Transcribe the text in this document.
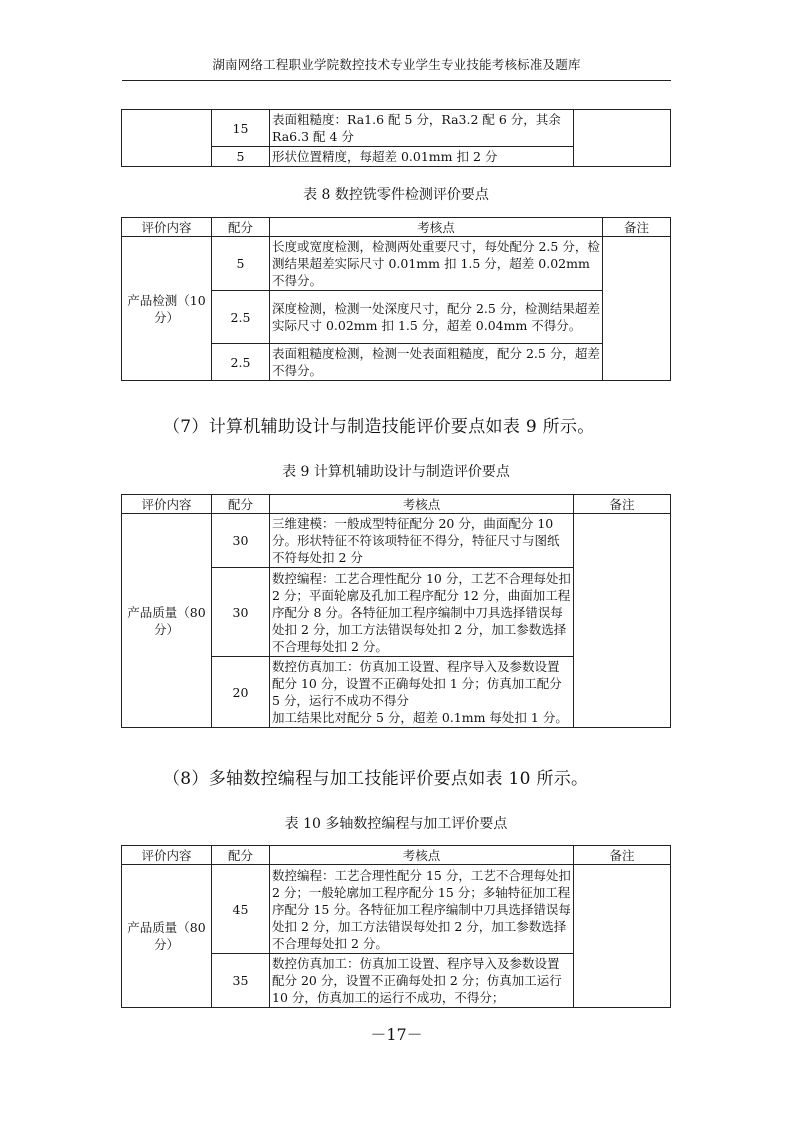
湖南网络工程职业学院数控技术专业学生专业技能考核标准及题库
	15	表面粗糙度：Ra1.6 配 5 分，Ra3.2 配 6 分，其余 Ra6.3 配 4 分	
	5	形状位置精度，每超差 0.01mm 扣 2 分	
表 8 数控铣零件检测评价要点
评价内容	配分	考核点	备注
产品检测（10 分）	5	长度或宽度检测，检测两处重要尺寸，每处配分 2.5 分，检测结果超差实际尺寸 0.01mm 扣 1.5 分，超差 0.02mm 不得分。	
	2.5	深度检测，检测一处深度尺寸，配分 2.5 分，检测结果超差实际尺寸 0.02mm 扣 1.5 分，超差 0.04mm 不得分。	
	2.5	表面粗糙度检测，检测一处表面粗糙度，配分 2.5 分，超差不得分。	
（7）计算机辅助设计与制造技能评价要点如表 9 所示。
表 9 计算机辅助设计与制造评价要点
评价内容	配分	考核点	备注
产品质量（80 分）	30	三维建模：一般成型特征配分 20 分，曲面配分 10 分。形状特征不符该项特征不得分，特征尺寸与图纸不符每处扣 2 分	
	30	数控编程：工艺合理性配分 10 分，工艺不合理每处扣 2 分；平面轮廓及孔加工程序配分 12 分，曲面加工程序配分 8 分。各特征加工程序编制中刀具选择错误每处扣 2 分，加工方法错误每处扣 2 分，加工参数选择不合理每处扣 2 分。	
	20	数控仿真加工：仿真加工设置、程序导入及参数设置配分 10 分，设置不正确每处扣 1 分；仿真加工配分 5 分，运行不成功不得分
加工结果比对配分 5 分，超差 0.1mm 每处扣 1 分。	
（8）多轴数控编程与加工技能评价要点如表 10 所示。
表 10 多轴数控编程与加工评价要点
评价内容	配分	考核点	备注
产品质量（80 分）	45	数控编程：工艺合理性配分 15 分，工艺不合理每处扣 2 分；一般轮廓加工程序配分 15 分；多轴特征加工程序配分 15 分。各特征加工程序编制中刀具选择错误每处扣 2 分，加工方法错误每处扣 2 分，加工参数选择不合理每处扣 2 分。	
	35	数控仿真加工：仿真加工设置、程序导入及参数设置配分 20 分，设置不正确每处扣 2 分；仿真加工运行 10 分，仿真加工的运行不成功，不得分；	
－17－
